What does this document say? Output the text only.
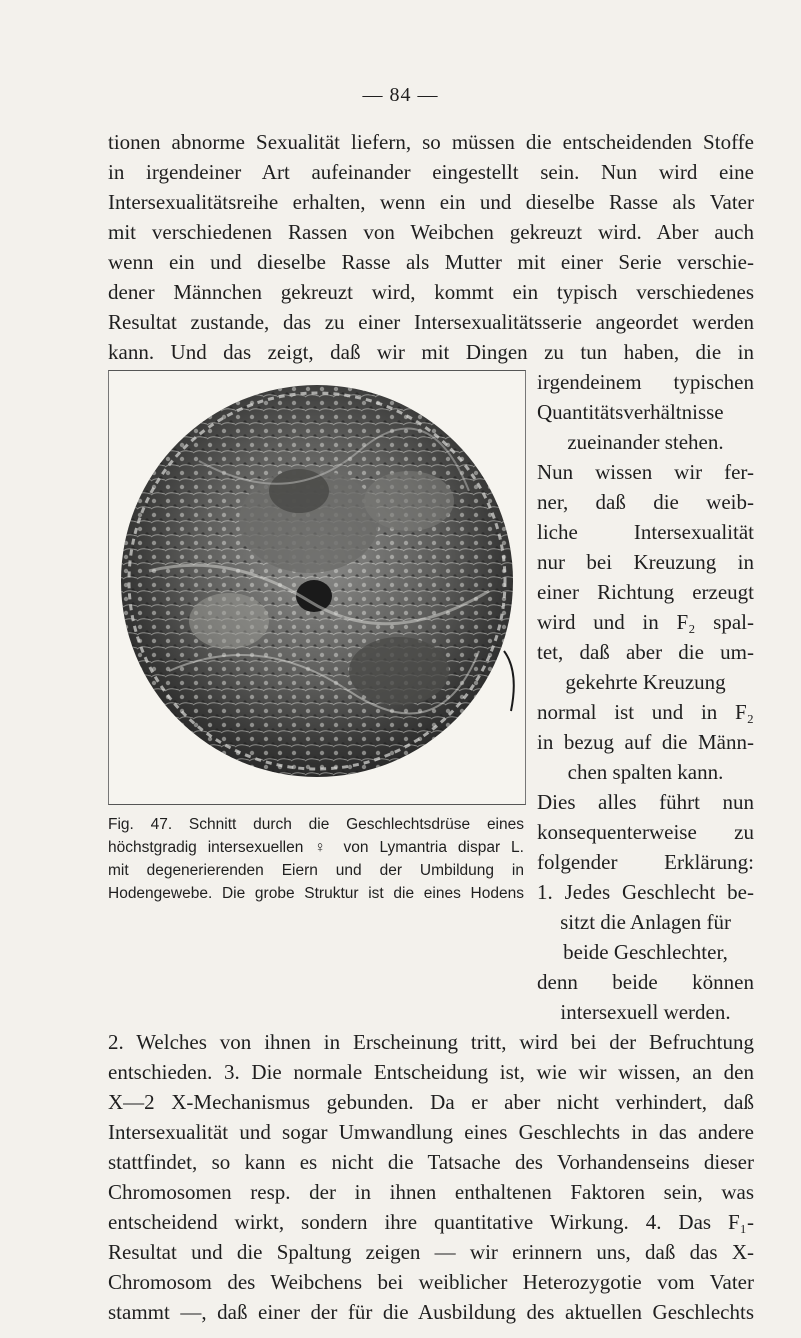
— 84 —
tionen abnorme Sexualität liefern, so müssen die entscheidenden Stoffe
in irgendeiner Art aufeinander eingestellt sein. Nun wird eine
Intersexualitätsreihe erhalten, wenn ein und dieselbe Rasse als Vater
mit verschiedenen Rassen von Weibchen gekreuzt wird. Aber auch
wenn ein und dieselbe Rasse als Mutter mit einer Serie verschie-
dener Männchen gekreuzt wird, kommt ein typisch verschiedenes
Resultat zustande, das zu einer Intersexualitätsserie angeordet werden
kann. Und das zeigt, daß wir mit Dingen zu tun haben, die in
irgendeinem typischen
Quantitätsverhältnisse
zueinander stehen.
Nun wissen wir fer-
ner, daß die weib-
liche Intersexualität
nur bei Kreuzung in
einer Richtung erzeugt
wird und in F₂ spal-
tet, daß aber die um-
gekehrte Kreuzung
normal ist und in F₂
in bezug auf die Männ-
chen spalten kann.
Dies alles führt nun
konsequenterweise zu
folgender Erklärung:
1. Jedes Geschlecht be-
sitzt die Anlagen für
beide Geschlechter,
denn beide können
intersexuell werden.
Fig. 47. Schnitt durch die Geschlechtsdrüse eines
höchstgradig intersexuellen ♀ von Lymantria dispar L.
mit degenerierenden Eiern und der Umbildung in
Hodengewebe. Die grobe Struktur ist die eines Hodens
2. Welches von ihnen in Erscheinung tritt, wird bei der Befruchtung
entschieden. 3. Die normale Entscheidung ist, wie wir wissen, an den
X—2 X-Mechanismus gebunden. Da er aber nicht verhindert, daß
Intersexualität und sogar Umwandlung eines Geschlechts in das andere
stattfindet, so kann es nicht die Tatsache des Vorhandenseins dieser
Chromosomen resp. der in ihnen enthaltenen Faktoren sein, was
entscheidend wirkt, sondern ihre quantitative Wirkung. 4. Das F₁-
Resultat und die Spaltung zeigen — wir erinnern uns, daß das X-
Chromosom des Weibchens bei weiblicher Heterozygotie vom Vater
stammt —, daß einer der für die Ausbildung des aktuellen Geschlechts
